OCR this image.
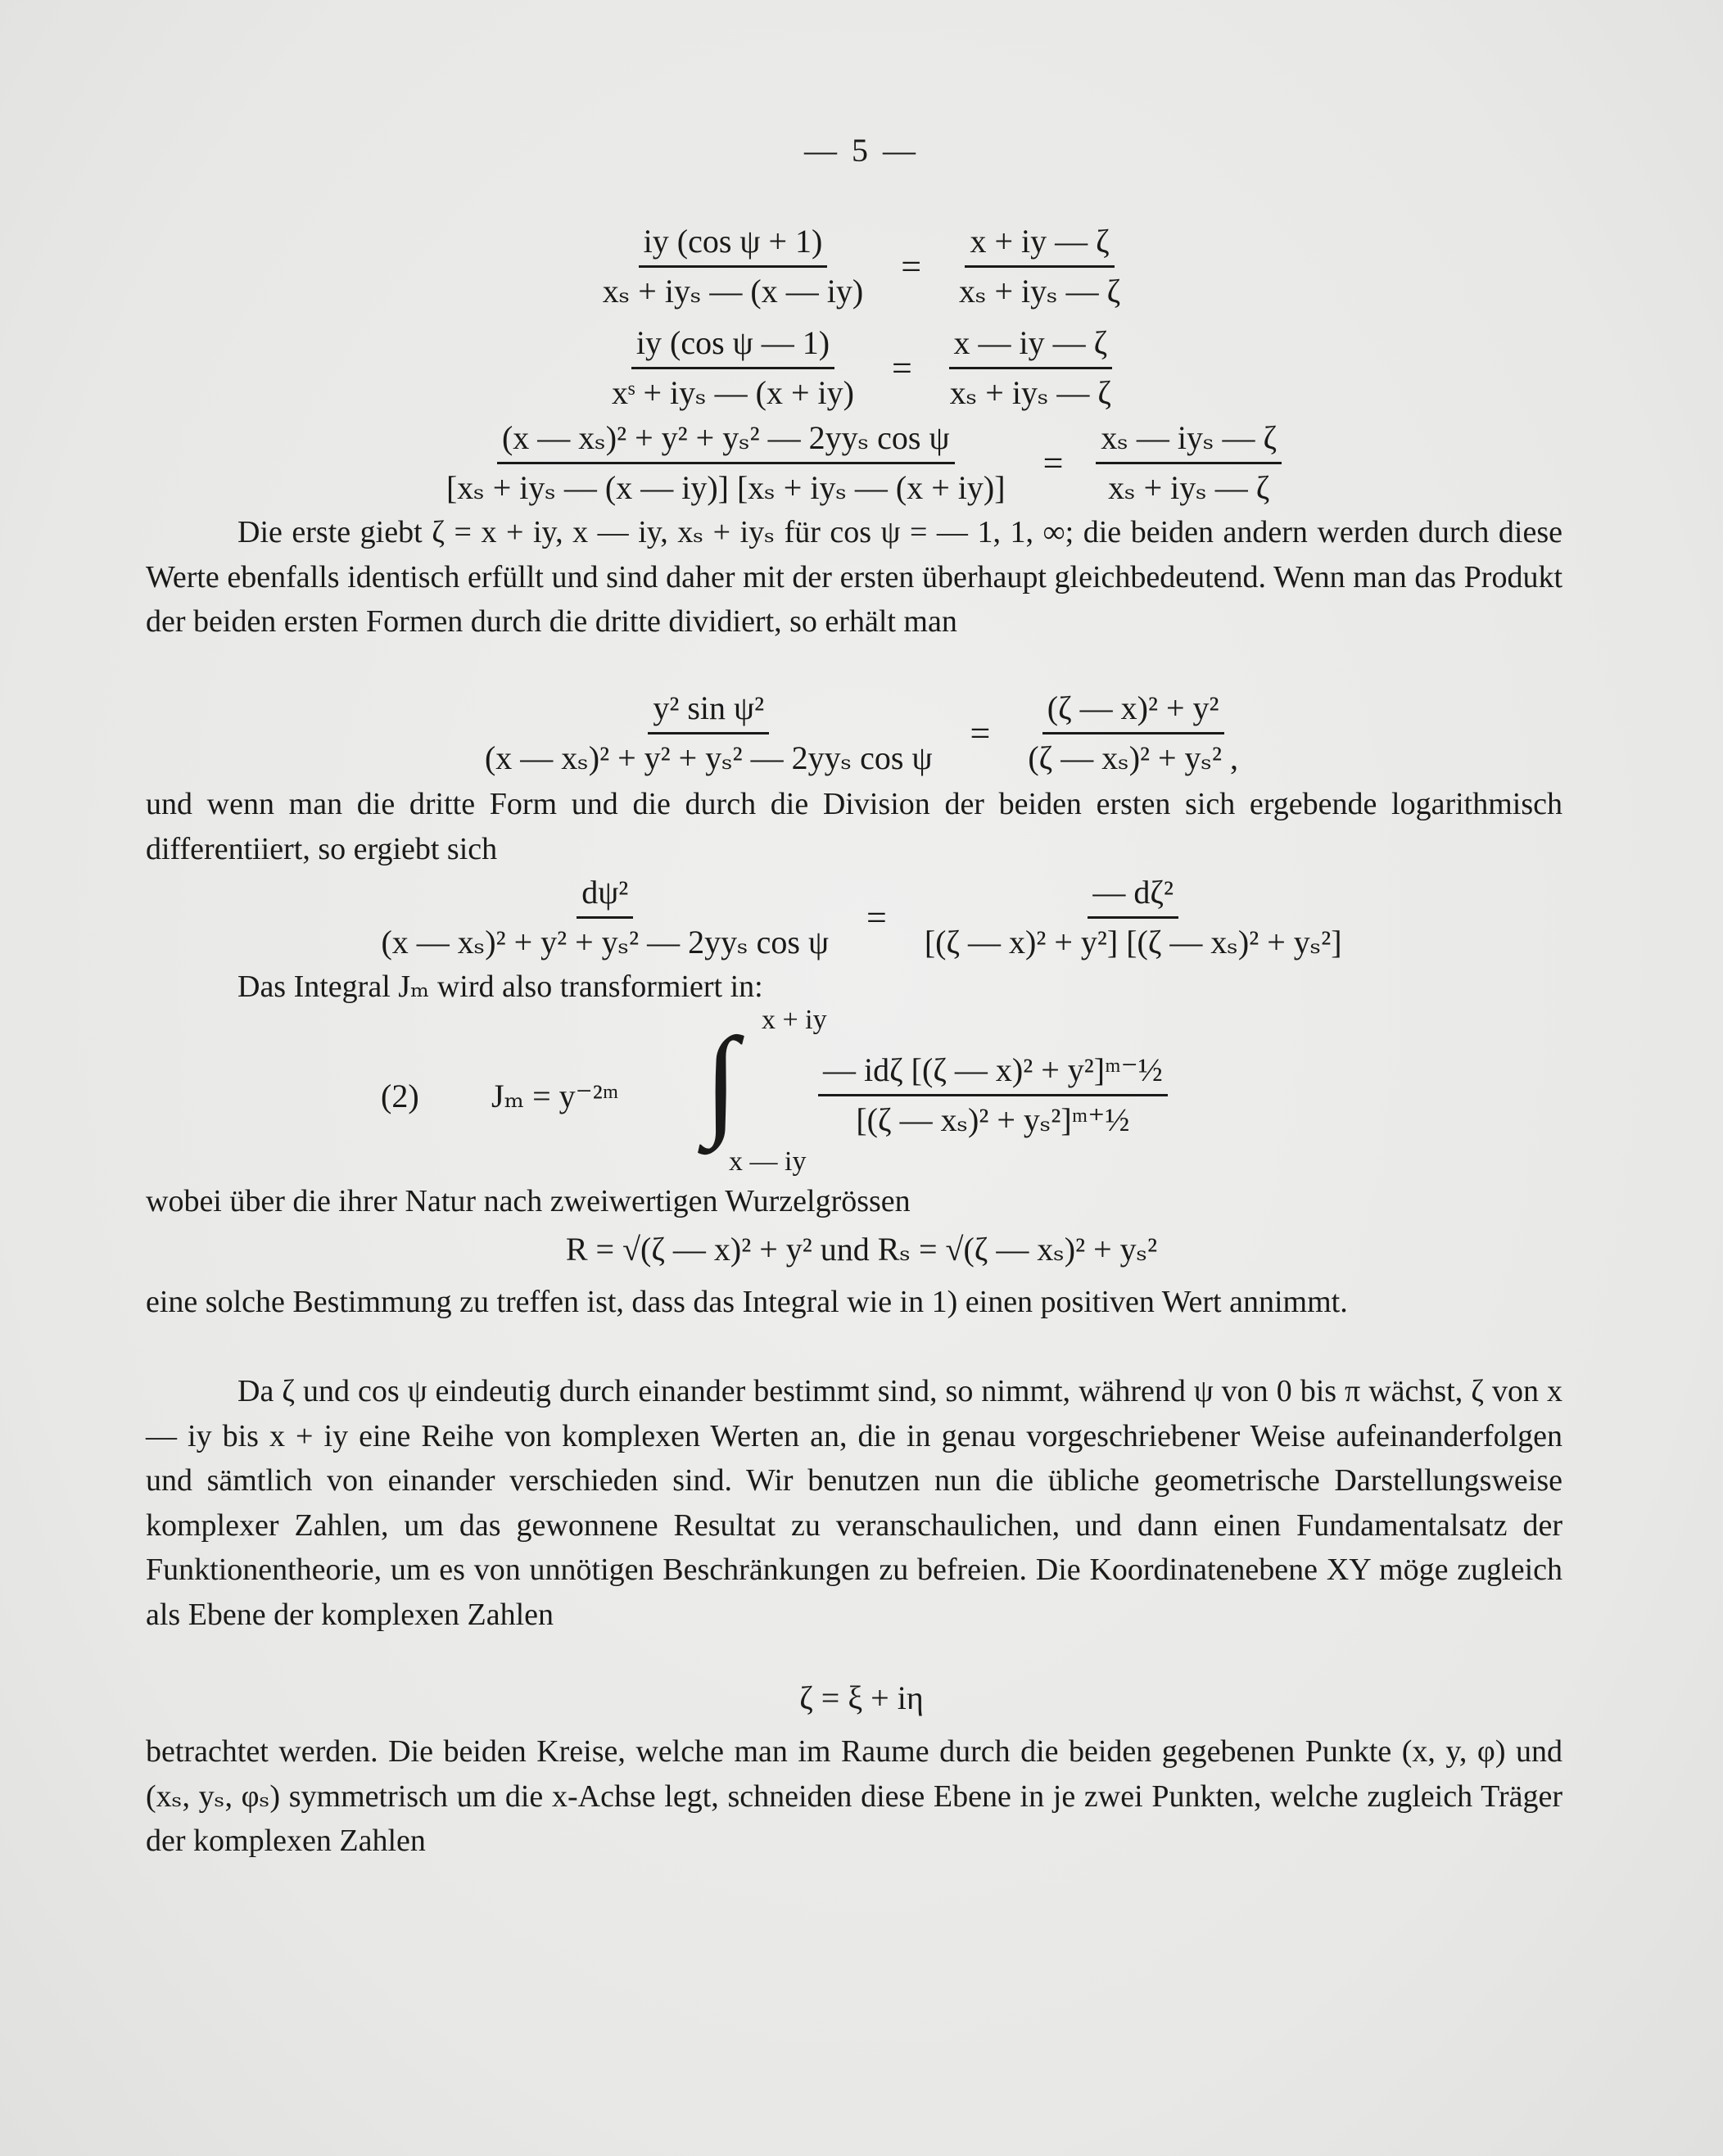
— 5 —
$\frac{\text{iy (cos ψ + 1)}}{\text{xₛ + iyₛ — (x — iy)}} = \frac{x + iy — \zeta}{\text{xₛ + iyₛ — ζ}}$
$\frac{\text{iy (cos ψ — 1)}}{\text{xˢ + iyₛ — (x + iy)}} = \frac{x — iy — \zeta}{\text{xₛ + iyₛ — ζ}}$
$\frac{\text{(x — xₛ)² + y² + yₛ² — 2yyₛ cos ψ}}{\text{[xₛ + iyₛ — (x — iy)] [xₛ + iyₛ — (x + iy)]}} = \frac{\text{xₛ — iyₛ — ζ}}{\text{xₛ + iyₛ — ζ}}$

Die erste giebt ζ = x + iy, x — iy, xₛ + iyₛ für cos ψ = — 1, 1, ∞; die beiden andern werden durch diese Werte ebenfalls identisch erfüllt und sind daher mit der ersten überhaupt gleichbedeutend. Wenn man das Produkt der beiden ersten Formen durch die dritte dividiert, so erhält man

$\frac{\text{y² sin ψ²}}{\text{(x — xₛ)² + y² + yₛ² — 2yyₛ cos ψ}} = \frac{\text{(ζ — x)² + y²}}{\text{(ζ — xₛ)² + yₛ² ,}}$

und wenn man die dritte Form und die durch die Division der beiden ersten sich ergebende logarithmisch differentiiert, so ergiebt sich

$\frac{\text{dψ²}}{\text{(x — xₛ)² + y² + yₛ² — 2yyₛ cos ψ}} = \frac{\text{— dζ²}}{\text{[(ζ — x)² + y²] [(ζ — xₛ)² + yₛ²]}}$

Das Integral Jₘ wird also transformiert in:

(2) Jₘ = y⁻²ᵐ ∫ x + iy
x — iy
— idζ [(ζ — x)² + y²]ᵐ⁻½
[(ζ — xₛ)² + yₛ²]ᵐ⁺½

wobei über die ihrer Natur nach zweiwertigen Wurzelgrössen

R = √(ζ — x)² + y² und Rₛ = √(ζ — xₛ)² + yₛ²

eine solche Bestimmung zu treffen ist, dass das Integral wie in 1) einen positiven Wert annimmt.

Da ζ und cos ψ eindeutig durch einander bestimmt sind, so nimmt, während ψ von 0 bis π wächst, ζ von x — iy bis x + iy eine Reihe von komplexen Werten an, die in genau vorgeschriebener Weise aufeinanderfolgen und sämtlich von einander verschieden sind. Wir benutzen nun die übliche geometrische Darstellungsweise komplexer Zahlen, um das gewonnene Resultat zu veranschaulichen, und dann einen Fundamentalsatz der Funktionentheorie, um es von unnötigen Beschränkungen zu befreien. Die Koordinatenebene XY möge zugleich als Ebene der komplexen Zahlen

ζ = ξ + iη

betrachtet werden. Die beiden Kreise, welche man im Raume durch die beiden gegebenen Punkte (x, y, φ) und (xₛ, yₛ, φₛ) symmetrisch um die x-Achse legt, schneiden diese Ebene in je zwei Punkten, welche zugleich Träger der komplexen Zahlen
